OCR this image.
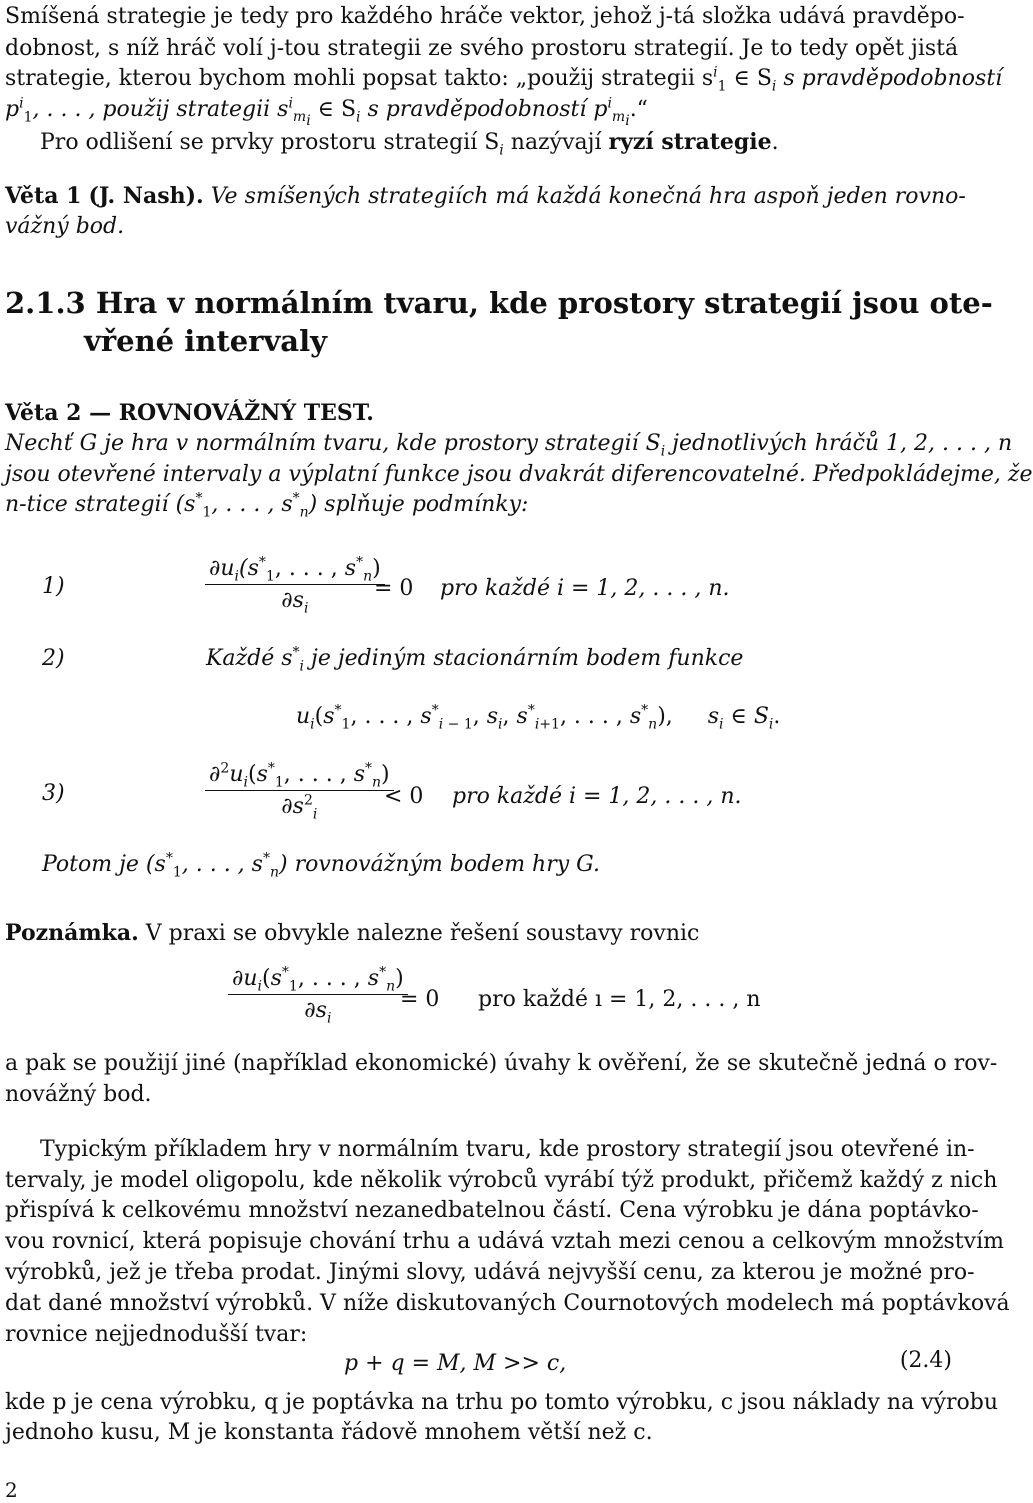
Smíšená strategie je tedy pro každého hráče vektor, jehož j-tá složka udává pravděpo-
dobnost, s níž hráč volí j-tou strategii ze svého prostoru strategií. Je to tedy opět jistá
strategie, kterou bychom mohli popsat takto: „použij strategii $s^i_1$ ∈ $S_i$ s pravděpodobností
$p^i_1$, . . . , použij strategii $s^i_{m_i}$ ∈ $S_i$ s pravděpodobností $p^i_{m_i}.“$
Pro odlišení se prvky prostoru strategií $S_i$ nazývají ryzí strategie.
Věta 1 (J. Nash). Ve smíšených strategiích má každá konečná hra aspoň jeden rovno-
vážný bod.
2.1.3 Hra v normálním tvaru, kde prostory strategií jsou ote-
vřené intervaly
Věta 2 — ROVNOVÁŽNÝ TEST.
Nechť G je hra v normálním tvaru, kde prostory strategií $S_i$ jednotlivých hráčů 1, 2, . . . , n
jsou otevřené intervaly a výplatní funkce jsou dvakrát diferencovatelné. Předpokládejme, že
n-tice strategií ($s^*_1$, . . . , $s^*_n$) splňuje podmínky:
1)
$\partial u_i(s^*_1$, . . . , $s^*_n$)
$\partial s_i$
= 0 pro každé i = 1, 2, . . . , n.
2)	Každé $s^*_i$ je jediným stacionárním bodem funkce
$u_i(s^*_1$, . . . , $s^*_{i - 1}$, $s_i$, $s^*_{i+1}$, . . . , $s^*_n$),     $s_i$ ∈ $S_i$.
3)
$\partial^2u_i(s^*_1$, . . . , $s^*_n$)
$\partial s^2_i$
< 0 pro každé i = 1, 2, . . . , n.
Potom je ($s^*_1$, . . . , $s^*_n$) rovnovážným bodem hry G.
Poznámka. V praxi se obvykle nalezne řešení soustavy rovnic
$\partial u_i(s^*_1$, . . . , $s^*_n$)
$\partial s_i$
= 0 pro každé ı = 1, 2, . . . , n
a pak se použijí jiné (například ekonomické) úvahy k ověření, že se skutečně jedná o rov-
novážný bod.
Typickým příkladem hry v normálním tvaru, kde prostory strategií jsou otevřené in-
tervaly, je model oligopolu, kde několik výrobců vyrábí týž produkt, přičemž každý z nich
přispívá k celkovému množství nezanedbatelnou částí. Cena výrobku je dána poptávko-
vou rovnicí, která popisuje chování trhu a udává vztah mezi cenou a celkovým množstvím
výrobků, jež je třeba prodat. Jinými slovy, udává nejvyšší cenu, za kterou je možné pro-
dat dané množství výrobků. V níže diskutovaných Cournotových modelech má poptávková
rovnice nejjednodušší tvar:
p + q = M, M >> c,	(2.4)
kde p je cena výrobku, q je poptávka na trhu po tomto výrobku, c jsou náklady na výrobu
jednoho kusu, M je konstanta řádově mnohem větší než c.
2
